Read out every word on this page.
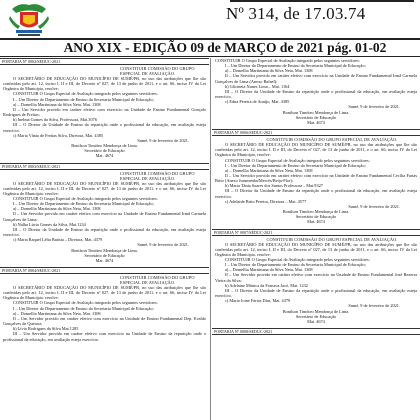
Nº 314, de 17.03.74
ANO XIX - EDIÇÃO 09 de MARÇO de 2021 pág. 01-02
PORTARIA Nº 0002/SEDUC-2021
CONSTITUIR COMISSÃO DO GRUPO ESPECIAL DE AVALIAÇÃO.
O SECRETÁRIO DE EDUCAÇÃO DO MUNICÍPIO DE SUMÉ/PB, no uso das atribuições que lhe são conferidas pelo art. 12, inciso I, II e III, do Decreto nº 027, de 13 de junho de 2011, e o art. 66, inciso IV da Lei Orgânica do Município, resolve:
CONSTITUIR O Grupo Especial de Avaliação integrado pelos seguintes servidores:
I – Um Diretor do Departamento de Ensino da Secretaria Municipal de Educação;
a) – Domellia Martiniana da Silva Neta, Mat. 1308
II – Um Servidor provido em caráter efetivo com exercício na Unidade de Ensino Fundamental Gonçalo Rodrigues de Freitas;
b) Inelma Gomes da Silva, Professora, Mat.3076
III – O Diretor da Unidade de Ensino da repartição onde o profissional da educação, em avaliação esteja exercício.
c) Maria Vânia de Freitas Silva, Diretora, Mat. 4385
Sumé, 9 de fevereiro de 2021.
Bonilson Timóteo Mendonça de Lima.
Secretário de Educação
Mat. 4674
PORTARIA Nº 0003/SEDUC-2021
CONSTITUIR COMISSÃO DO GRUPO ESPECIAL DE AVALIAÇÃO.
O SECRETÁRIO DE EDUCAÇÃO DO MUNICÍPIO DE SUMÉ/PB, no uso das atribuições que lhe são conferidas pelo art. 12, inciso I, II e III, do Decreto nº 027, de 13 de junho de 2011, e o art. 66, inciso IV da Lei Orgânica do Município, resolve:
CONSTITUIR O Grupo Especial de Avaliação integrado pelos seguintes servidores:
I – Um Diretor do Departamento de Ensino da Secretaria Municipal de Educação;
a) – Domellia Martiniana da Silva Neta, Mat. 1308
II – Um Servidor provido em caráter efetivo com exercício na Unidade de Ensino Fundamental Irmã Carmela Gonçalves de Lima;
b) Nalba Lúcia Gomes da Silva, Mat.1234
III – O Diretor da Unidade de Ensino da repartição onde o profissional da educação, em avaliação esteja exercício.
c) Maria Raquel Lélia Batista – Diretora, Mat. 4379
Sumé, 9 de fevereiro de 2021.
Bonilson Timóteo Mendonça de Lima.
Secretário de Educação
Mat. 4674
PORTARIA Nº 0004/SEDUC-2021
CONSTITUIR COMISSÃO DO GRUPO ESPECIAL DE AVALIAÇÃO.
O SECRETÁRIO DE EDUCAÇÃO DO MUNICÍPIO DE SUMÉ/PB, no uso das atribuições que lhe são conferidas pelo art. 12, inciso I, II e III, do Decreto nº 027, de 13 de junho de 2011, e o art. 66, inciso IV da Lei Orgânica do Município, resolve:
CONSTITUIR O Grupo Especial de Avaliação integrado pelos seguintes servidores:
I – Um Diretor do Departamento de Ensino da Secretaria Municipal de Educação;
a) – Domellia Martiniana da Silva Neta, Mat. 1308
II – Um Servidor provido em caráter efetivo com exercício na Unidade de Ensino Fundamental Dep. Evaldo Gonçalves de Queiroz;
b) Lívio Rodrigues da Silva Mat.1285
III – Um Servidor provido em caráter efetivo com exercício na Unidade de Ensino da repartição onde o profissional da educação, em avaliação esteja exercício.
CONSTITUIR O Grupo Especial de Avaliação integrado pelos seguintes servidores:
I – Um Diretor do Departamento de Ensino da Secretaria Municipal de Educação;
a) – Domellia Martiniana da Silva Neta, Mat. 1308
II – Um Servidor provido em caráter efetivo com exercício na Unidade de Ensino Fundamental Irmã Carmela Gonçalves de Lima (Anexo Rafael);
b) Glicineia Nunes Lima – Mat. 1164
III – O Diretor da Unidade de Ensino da repartição onde o profissional da educação, em avaliação esteja exercício.
c) Edna Pereira de Araújo, Mat. 4385
Sumé, 9 de fevereiro de 2021.
Bonilson Timóteo Mendonça de Lima.
Secretário de Educação
Mat. 4674
PORTARIA Nº 0006/SEDUC-2021
CONSTITUIR COMISSÃO DO GRUPO ESPECIAL DE AVALIAÇÃO.
O SECRETÁRIO DE EDUCAÇÃO DO MUNICÍPIO DE SUMÉ/PB, no uso das atribuições que lhe são conferidas pelo art. 12, inciso I, II e III, do Decreto nº 027, de 13 de junho de 2011, e o art. 66, inciso IV da Lei Orgânica do Município, resolve:
CONSTITUIR O Grupo Especial de Avaliação integrado pelos seguintes servidores:
I – Um Diretor do Departamento de Ensino da Secretaria Municipal de Educação;
a) – Domellia Martiniana da Silva Neta, Mat. 1308
II – Um Servidor provido em caráter efetivo com exercício na Unidade de Ensino Fundamental Cecília Farias Brito (Anexo Jurumenha/Mercês/Beija-Flor);
b) Maria Tânia Soares dos Santos Professora – Mat.9327
III – O Diretor da Unidade de Ensino da repartição onde o profissional da educação, em avaliação esteja exercício.
c) Adelaide Brito Pereira, Diretora – Mat. 4577
Sumé, 9 de fevereiro de 2021.
Bonilson Timóteo Mendonça de Lima.
Secretário de Educação
Mat. 4674
PORTARIA Nº 0007/SEDUC-2021
CONSTITUIR COMISSÃO DO GRUPO ESPECIAL DE AVALIAÇÃO.
O SECRETÁRIO DE EDUCAÇÃO DO MUNICÍPIO DE SUMÉ/PB, no uso das atribuições que lhe são conferidas pelo art. 12, inciso I, II e III, do Decreto nº 027, de 13 de junho de 2011, e o art. 66, inciso IV da Lei Orgânica do Município, resolve:
CONSTITUIR O Grupo Especial de Avaliação integrado pelos seguintes servidores:
I – Um Diretor do Departamento de Ensino da Secretaria Municipal de Educação;
a) – Domellia Martiniana da Silva Neta, Mat. 1308
II – Um Servidor provido em caráter efetivo com exercício na Unidade de Ensino Fundamental José Bezerra Vieira da Silva;
b) Adelaine Mônica da Fonseca Jacó, Mat. 1232
III – O Diretor da Unidade de Ensino da repartição onde o profissional da educação, em avaliação esteja exercício.
c) Maria Joine Farias Dias, Mat. 4379
Sumé, 9 de fevereiro de 2021.
Bonilson Timóteo Mendonça de Lima.
Secretário de Educação
Mat. 4674
PORTARIA Nº 0008/SEDUC-2021
